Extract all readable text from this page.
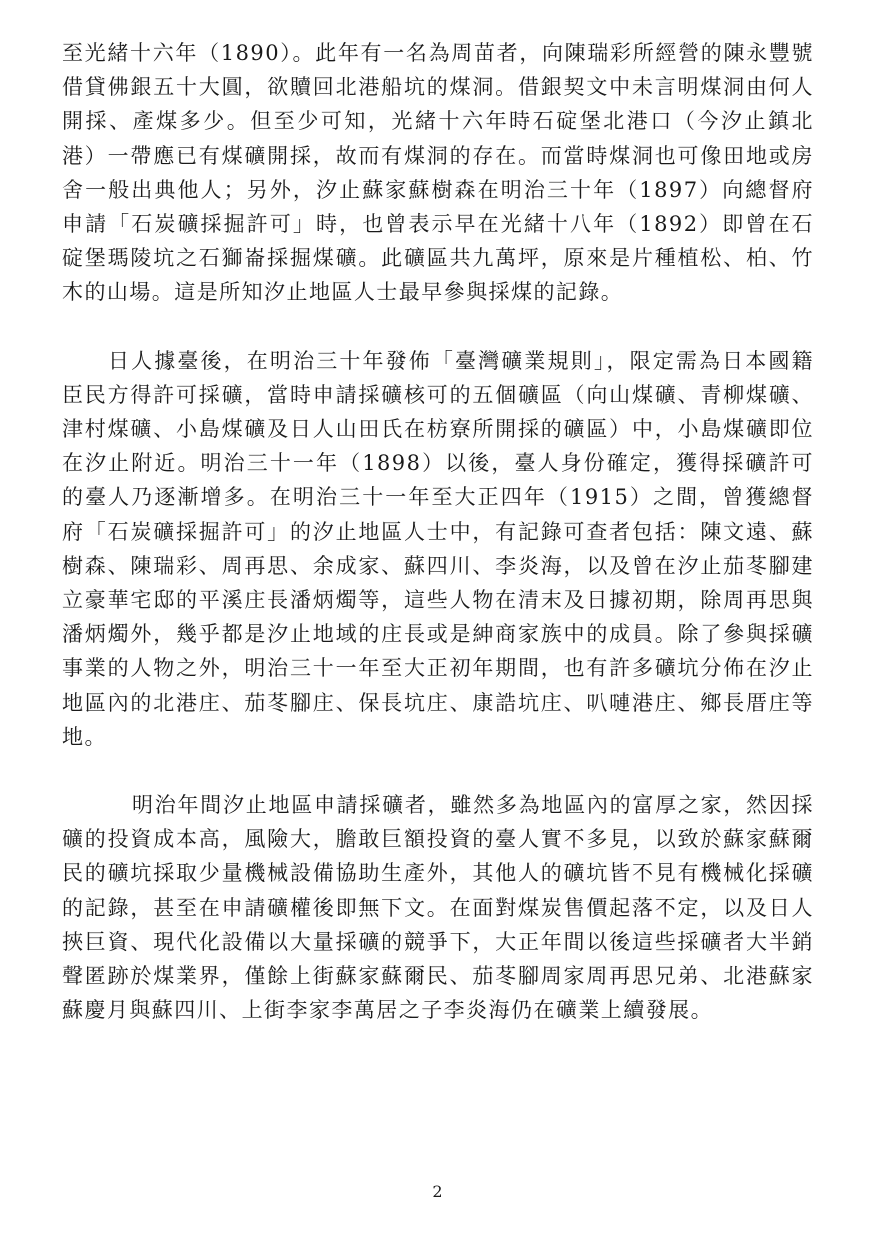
至光緒十六年（1890）。此年有一名為周苗者，向陳瑞彩所經營的陳永豐號借貸佛銀五十大圓，欲贖回北港船坑的煤洞。借銀契文中未言明煤洞由何人開採、產煤多少。但至少可知，光緒十六年時石碇堡北港口（今汐止鎮北港）一帶應已有煤礦開採，故而有煤洞的存在。而當時煤洞也可像田地或房舍一般出典他人；另外，汐止蘇家蘇樹森在明治三十年（1897）向總督府申請「石炭礦採掘許可」時，也曾表示早在光緒十八年（1892）即曾在石碇堡瑪陵坑之石獅崙採掘煤礦。此礦區共九萬坪，原來是片種植松、柏、竹木的山場。這是所知汐止地區人士最早參與採煤的記錄。

日人據臺後，在明治三十年發佈「臺灣礦業規則」，限定需為日本國籍臣民方得許可採礦，當時申請採礦核可的五個礦區（向山煤礦、青柳煤礦、津村煤礦、小島煤礦及日人山田氏在枋寮所開採的礦區）中，小島煤礦即位在汐止附近。明治三十一年（1898）以後，臺人身份確定，獲得採礦許可的臺人乃逐漸增多。在明治三十一年至大正四年（1915）之間，曾獲總督府「石炭礦採掘許可」的汐止地區人士中，有記錄可查者包括：陳文遠、蘇樹森、陳瑞彩、周再思、余成家、蘇四川、李炎海，以及曾在汐止茄苳腳建立豪華宅邸的平溪庄長潘炳燭等，這些人物在清末及日據初期，除周再思與潘炳燭外，幾乎都是汐止地域的庄長或是紳商家族中的成員。除了參與採礦事業的人物之外，明治三十一年至大正初年期間，也有許多礦坑分佈在汐止地區內的北港庄、茄苳腳庄、保長坑庄、康誥坑庄、叭嗹港庄、鄉長厝庄等地。

明治年間汐止地區申請採礦者，雖然多為地區內的富厚之家，然因採礦的投資成本高，風險大，膽敢巨額投資的臺人實不多見，以致於蘇家蘇爾民的礦坑採取少量機械設備協助生產外，其他人的礦坑皆不見有機械化採礦的記錄，甚至在申請礦權後即無下文。在面對煤炭售價起落不定，以及日人挾巨資、現代化設備以大量採礦的競爭下，大正年間以後這些採礦者大半銷聲匿跡於煤業界，僅餘上街蘇家蘇爾民、茄苳腳周家周再思兄弟、北港蘇家蘇慶月與蘇四川、上街李家李萬居之子李炎海仍在礦業上續發展。

2
